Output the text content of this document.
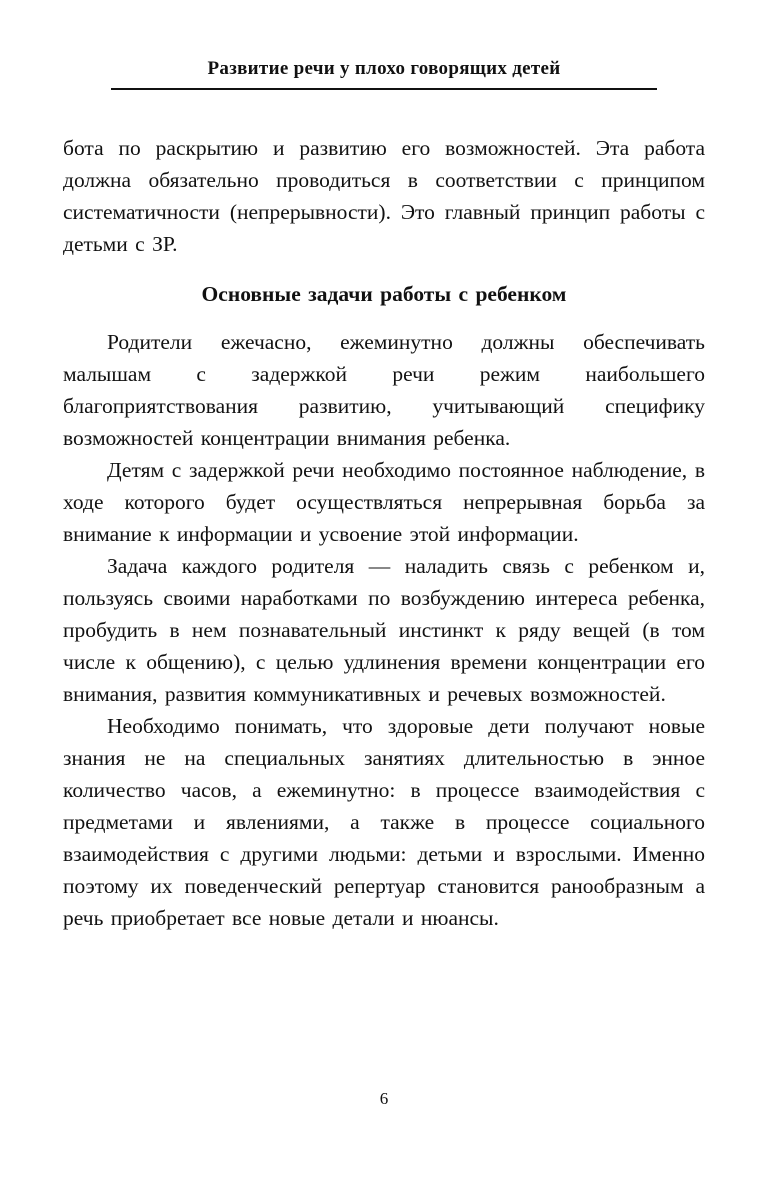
Развитие речи у плохо говорящих детей

бота по раскрытию и развитию его возможностей. Эта работа должна обязательно проводиться в соответствии с принципом систематичности (непрерывности). Это главный принцип работы с детьми с ЗР.

Основные задачи работы с ребенком

Родители ежечасно, ежеминутно должны обеспечивать малышам с задержкой речи режим наибольшего благоприятствования развитию, учитывающий специфику возможностей концентрации внимания ребенка.

Детям с задержкой речи необходимо постоянное наблюдение, в ходе которого будет осуществляться непрерывная борьба за внимание к информации и усвоение этой информации.

Задача каждого родителя — наладить связь с ребенком и, пользуясь своими наработками по возбуждению интереса ребенка, пробудить в нем познавательный инстинкт к ряду вещей (в том числе к общению), с целью удлинения времени концентрации его внимания, развития коммуникативных и речевых возможностей.

Необходимо понимать, что здоровые дети получают новые знания не на специальных занятиях длительностью в энное количество часов, а ежеминутно: в процессе взаимодействия с предметами и явлениями, а также в процессе социального взаимодействия с другими людьми: детьми и взрослыми. Именно поэтому их поведенческий репертуар становится ранообразным а речь приобретает все новые детали и нюансы.

6
